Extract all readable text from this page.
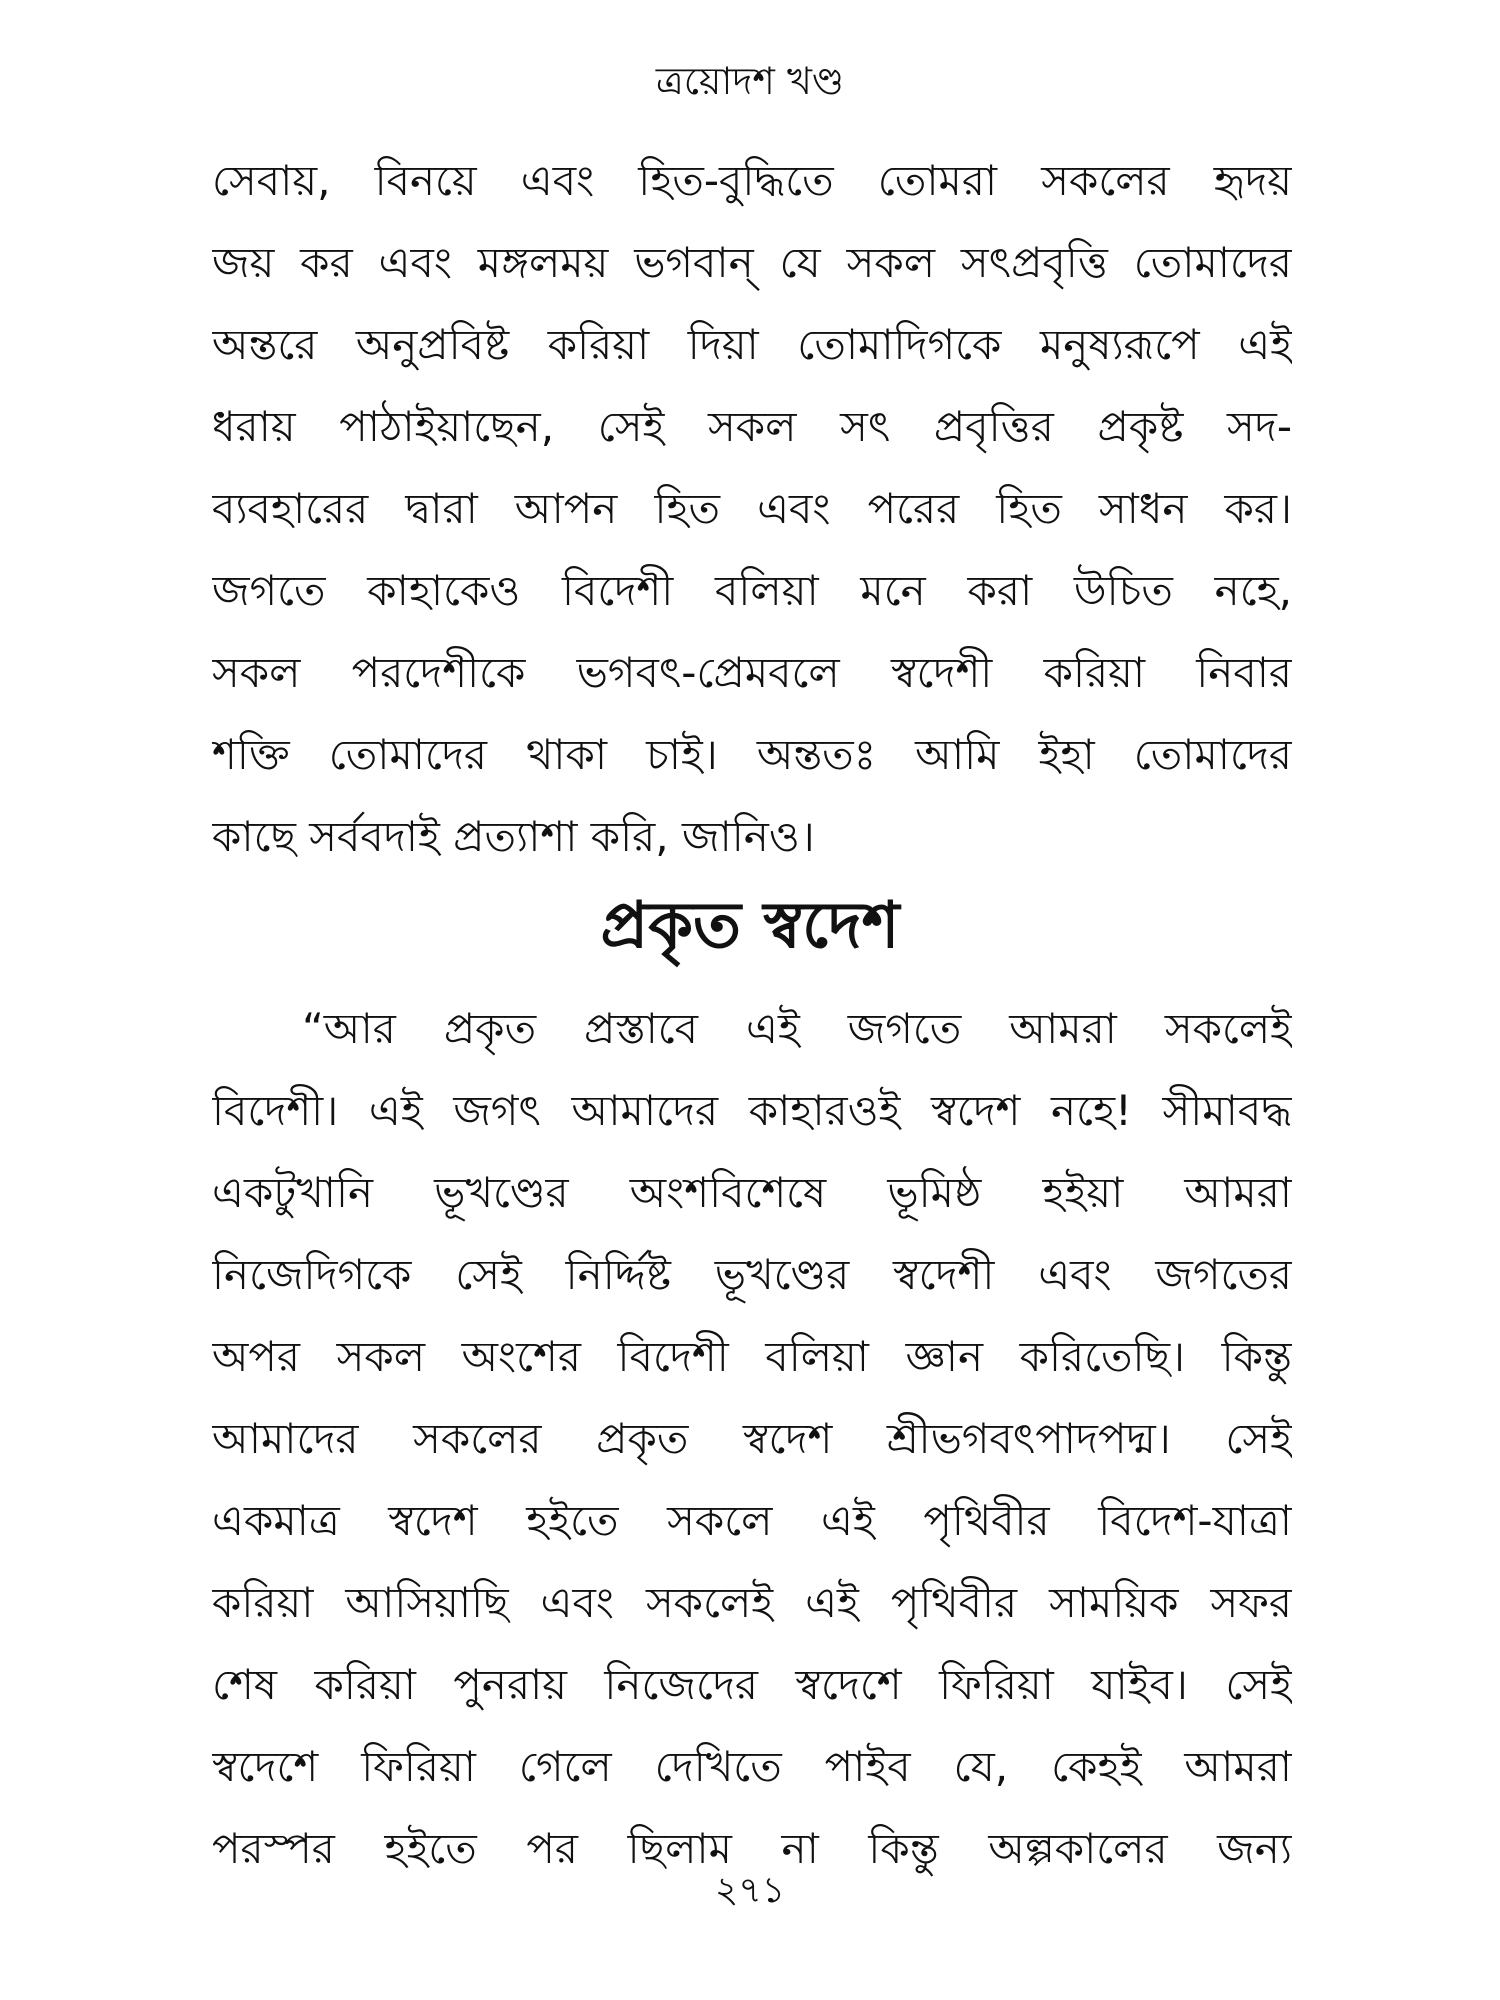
ত্রয়োদশ খণ্ড
সেবায়, বিনয়ে এবং হিত-বুদ্ধিতে তোমরা সকলের হৃদয়
জয় কর এবং মঙ্গলময় ভগবান্ যে সকল সৎপ্রবৃত্তি তোমাদের
অন্তরে অনুপ্রবিষ্ট করিয়া দিয়া তোমাদিগকে মনুষ্যরূপে এই
ধরায় পাঠাইয়াছেন, সেই সকল সৎ প্রবৃত্তির প্রকৃষ্ট সদ-
ব্যবহারের দ্বারা আপন হিত এবং পরের হিত সাধন কর।
জগতে কাহাকেও বিদেশী বলিয়া মনে করা উচিত নহে,
সকল পরদেশীকে ভগবৎ-প্রেমবলে স্বদেশী করিয়া নিবার
শক্তি তোমাদের থাকা চাই। অন্ততঃ আমি ইহা তোমাদের
কাছে সর্ববদাই প্রত্যাশা করি, জানিও।
প্রকৃত স্বদেশ
“আর প্রকৃত প্রস্তাবে এই জগতে আমরা সকলেই
বিদেশী। এই জগৎ আমাদের কাহারওই স্বদেশ নহে! সীমাবদ্ধ
একটুখানি ভূখণ্ডের অংশবিশেষে ভূমিষ্ঠ হইয়া আমরা
নিজেদিগকে সেই নির্দ্দিষ্ট ভূখণ্ডের স্বদেশী এবং জগতের
অপর সকল অংশের বিদেশী বলিয়া জ্ঞান করিতেছি। কিন্তু
আমাদের সকলের প্রকৃত স্বদেশ শ্রীভগবৎপাদপদ্ম। সেই
একমাত্র স্বদেশ হইতে সকলে এই পৃথিবীর বিদেশ-যাত্রা
করিয়া আসিয়াছি এবং সকলেই এই পৃথিবীর সাময়িক সফর
শেষ করিয়া পুনরায় নিজেদের স্বদেশে ফিরিয়া যাইব। সেই
স্বদেশে ফিরিয়া গেলে দেখিতে পাইব যে, কেহই আমরা
পরস্পর হইতে পর ছিলাম না কিন্তু অল্পকালের জন্য
২৭১
